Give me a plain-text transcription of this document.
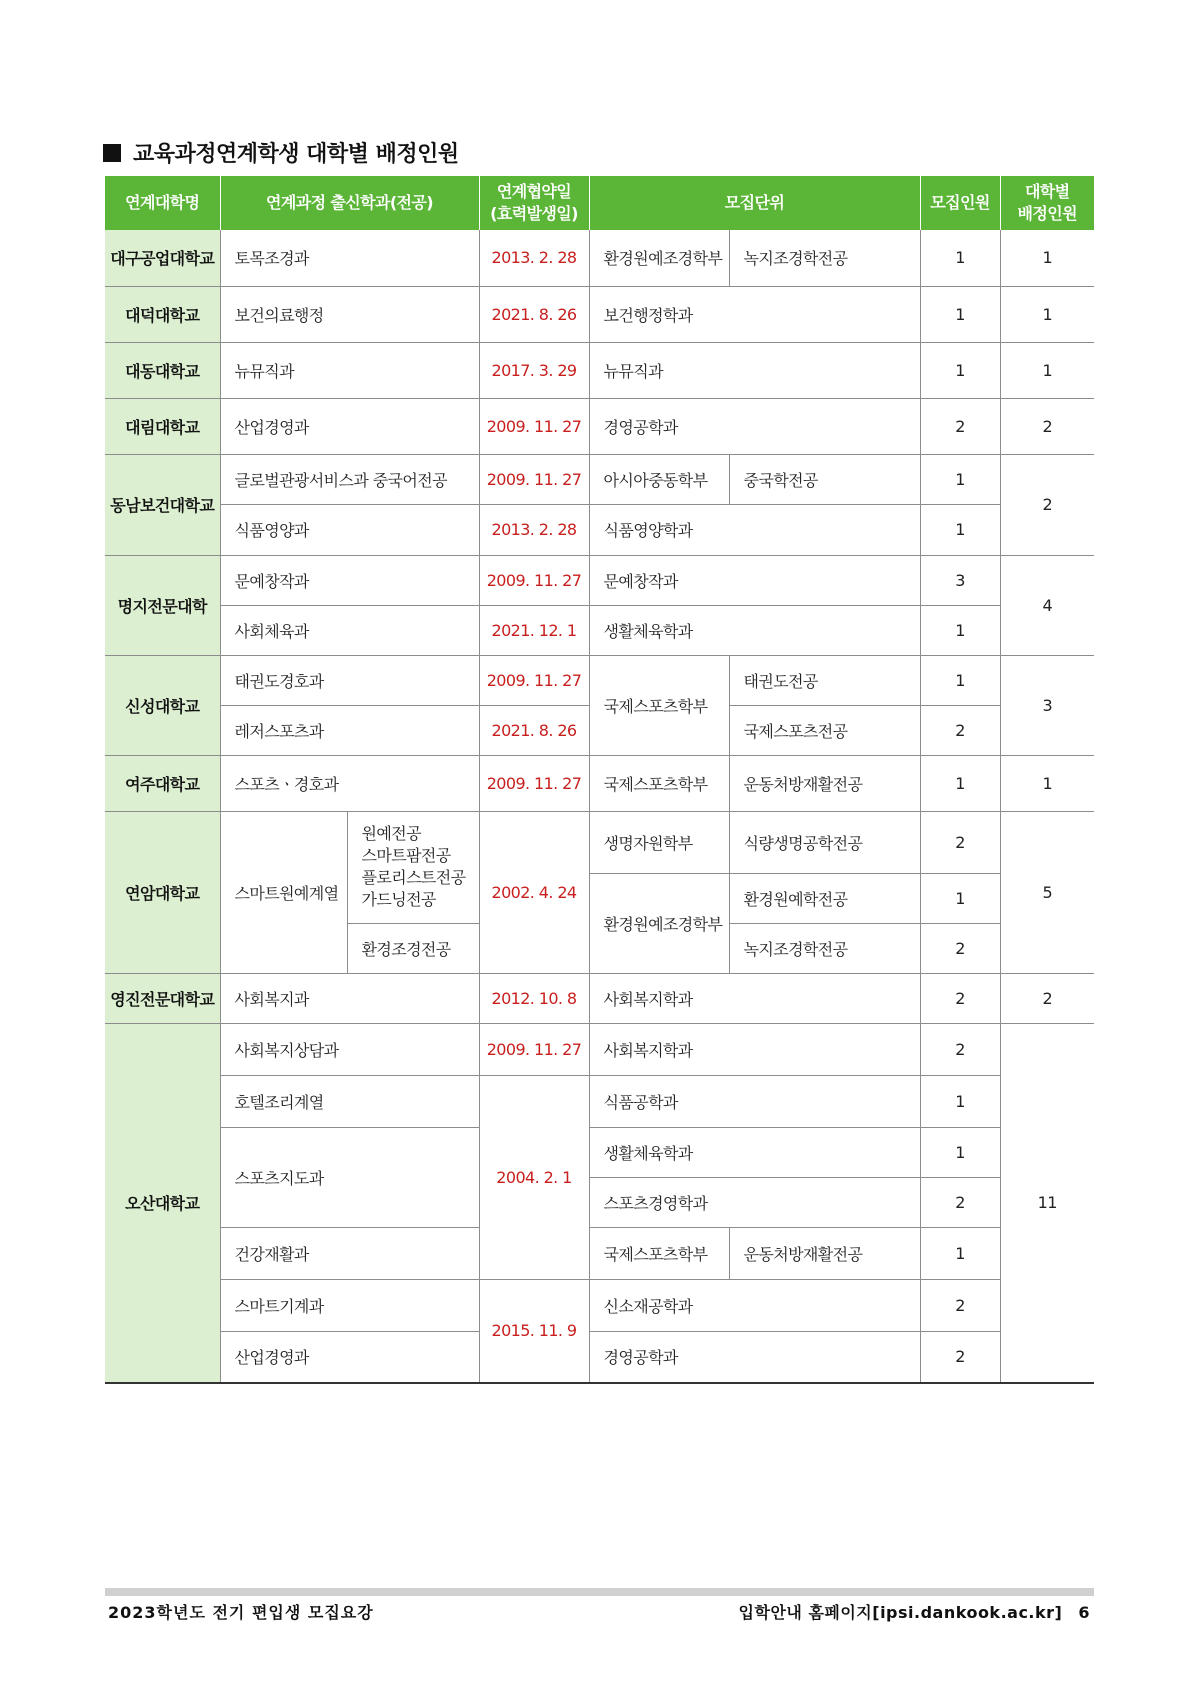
교육과정연계학생 대학별 배정인원
연계대학명	연계과정 출신학과(전공)		연계협약일
(효력발생일)	모집단위		모집인원	대학별
배정인원
대구공업대학교	토목조경과		2013. 2. 28	환경원예조경학부	녹지조경학전공	1	1
대덕대학교	보건의료행정		2021. 8. 26	보건행정학과		1	1
대동대학교	뉴뮤직과		2017. 3. 29	뉴뮤직과		1	1
대림대학교	산업경영과		2009. 11. 27	경영공학과		2	2
동남보건대학교	글로벌관광서비스과 중국어전공		2009. 11. 27	아시아중동학부	중국학전공	1	2
	식품영양과		2013. 2. 28	식품영양학과		1	
명지전문대학	문예창작과		2009. 11. 27	문예창작과		3	4
	사회체육과		2021. 12. 1	생활체육학과		1	
신성대학교	태권도경호과		2009. 11. 27	국제스포츠학부	태권도전공	1	3
	레저스포츠과		2021. 8. 26		국제스포츠전공	2	
여주대학교	스포츠ㆍ경호과		2009. 11. 27	국제스포츠학부	운동처방재활전공	1	1
연암대학교	스마트원예계열	원예전공
스마트팜전공
플로리스트전공
가드닝전공	2002. 4. 24	생명자원학부	식량생명공학전공	2	5
				환경원예조경학부	환경원예학전공	1	
		환경조경전공			녹지조경학전공	2	
영진전문대학교	사회복지과		2012. 10. 8	사회복지학과		2	2
오산대학교	사회복지상담과		2009. 11. 27	사회복지학과		2	11
	호텔조리계열		2004. 2. 1	식품공학과		1	
	스포츠지도과			생활체육학과		1	
				스포츠경영학과		2	
	건강재활과			국제스포츠학부	운동처방재활전공	1	
	스마트기계과		2015. 11. 9	신소재공학과		2	
	산업경영과			경영공학과		2	
2023학년도 전기 편입생 모집요강	입학안내 홈페이지[ipsi.dankook.ac.kr] 6
